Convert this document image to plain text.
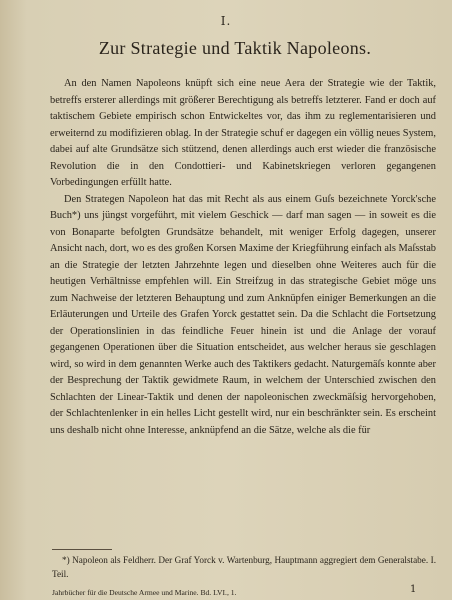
I.
Zur Strategie und Taktik Napoleons.

An den Namen Napoleons knüpft sich eine neue Aera der Strategie wie der Taktik, betreffs ersterer allerdings mit größerer Berechtigung als betreffs letzterer. Fand er doch auf taktischem Gebiete empirisch schon Entwickeltes vor, das ihm zu reglementarisieren und erweiternd zu modifizieren oblag. In der Strategie schuf er dagegen ein völlig neues System, dabei auf alte Grundsätze sich stützend, denen allerdings auch erst wieder die französische Revolution die in den Condottieri- und Kabinetskriegen verloren gegangenen Vorbedingungen erfüllt hatte.

Den Strategen Napoleon hat das mit Recht als aus einem Guſs bezeichnete Yorck'sche Buch*) uns jüngst vorgeführt, mit vielem Geschick — darf man sagen — in soweit es die von Bonaparte befolgten Grundsätze behandelt, mit weniger Erfolg dagegen, unserer Ansicht nach, dort, wo es des großen Korsen Maxime der Kriegführung einfach als Maſsstab an die Strategie der letzten Jahrzehnte legen und dieselben ohne Weiteres auch für die heutigen Verhältnisse empfehlen will. Ein Streifzug in das strategische Gebiet möge uns zum Nachweise der letzteren Behauptung und zum Anknüpfen einiger Bemerkungen an die Erläuterungen und Urteile des Grafen Yorck gestattet sein. Da die Schlacht die Fortsetzung der Operationslinien in das feindliche Feuer hinein ist und die Anlage der vorauf gegangenen Operationen über die Situation entscheidet, aus welcher heraus sie geschlagen wird, so wird in dem genannten Werke auch des Taktikers gedacht. Naturgemäſs konnte aber der Besprechung der Taktik gewidmete Raum, in welchem der Unterschied zwischen den Schlachten der Linear-Taktik und denen der napoleonischen zweckmäſsig hervorgehoben, der Schlachtenlenker in ein helles Licht gestellt wird, nur ein beschränkter sein. Es erscheint uns deshalb nicht ohne Interesse, anknüpfend an die Sätze, welche als die für

*) Napoleon als Feldherr. Der Graf Yorck v. Wartenburg, Hauptmann aggregiert dem Generalstabe. I. Teil.

Jahrbücher für die Deutsche Armee und Marine. Bd. LVI., 1.	1
